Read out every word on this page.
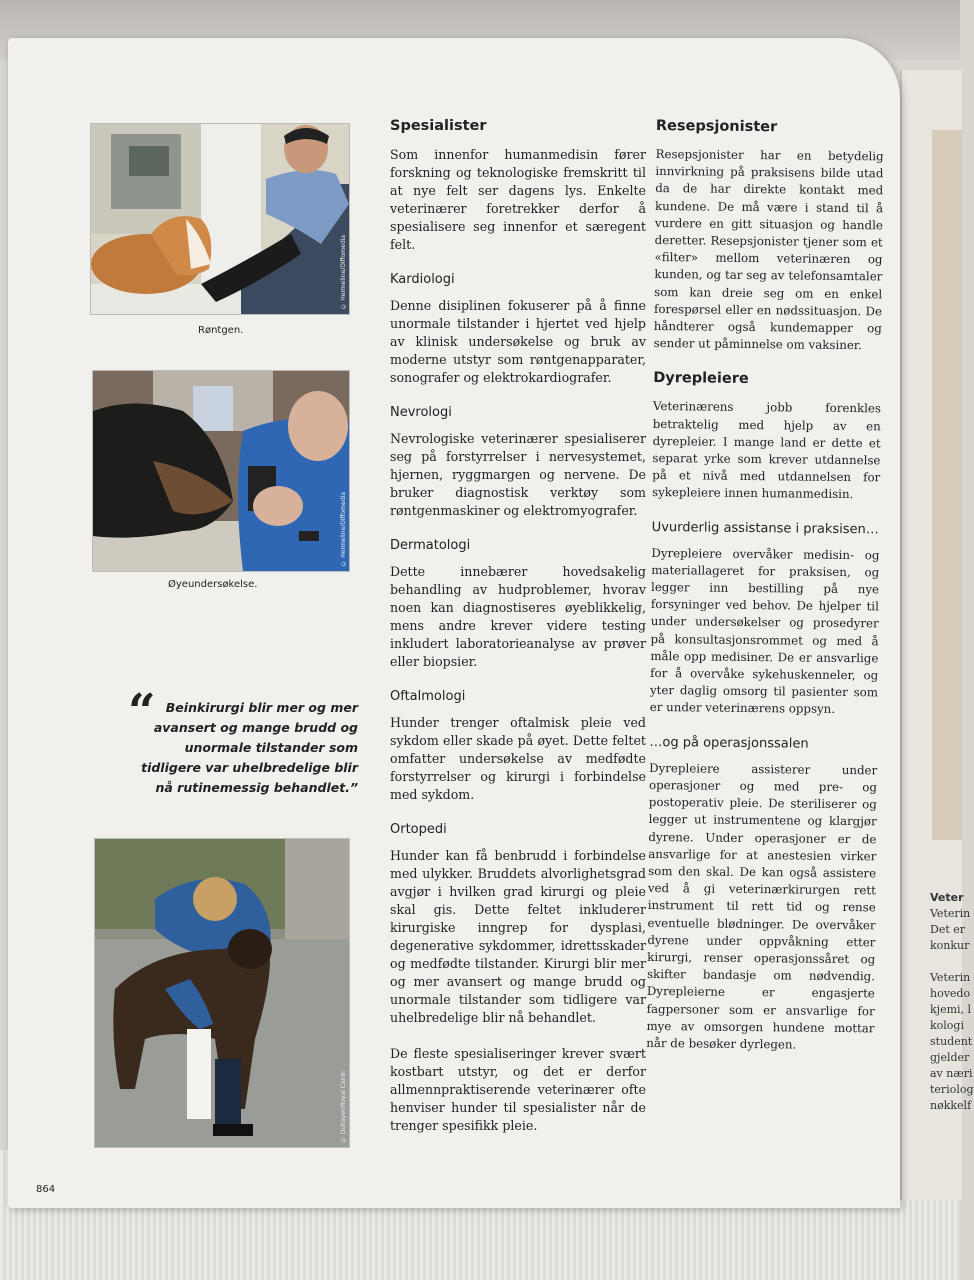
Veter
Veterin
Det er
konkur

Veterin
hovedo
kjemi, l
kologi
student
gjelder
av næri
teriolog
nøkkelf
© Hermeline/Diffomedia
Røntgen.
© Hermeline/Diffomedia
Øyeundersøkelse.
“ Beinkirurgi blir mer og mer avansert og mange brudd og unormale tilstander som tidligere var uhelbredelige blir nå rutinemessig behandlet.”
© Duhayer/Royal Canin
Spesialister

Som innenfor humanmedisin fører forskning og teknologiske fremskritt til at nye felt ser dagens lys. Enkelte veterinærer foretrekker derfor å spesialisere seg innenfor et særegent felt.

Kardiologi

Denne disiplinen fokuserer på å finne unormale tilstander i hjertet ved hjelp av klinisk undersøkelse og bruk av moderne utstyr som røntgenapparater, sonografer og elektrokardiografer.

Nevrologi

Nevrologiske veterinærer spesialiserer seg på forstyrrelser i nervesystemet, hjernen, ryggmargen og nervene. De bruker diagnostisk verktøy som røntgenmaskiner og elektromyografer.

Dermatologi

Dette innebærer hovedsakelig behandling av hudproblemer, hvorav noen kan diagnostiseres øyeblikkelig, mens andre krever videre testing inkludert laboratorieanalyse av prøver eller biopsier.

Oftalmologi

Hunder trenger oftalmisk pleie ved sykdom eller skade på øyet. Dette feltet omfatter undersøkelse av medfødte forstyrrelser og kirurgi i forbindelse med sykdom.

Ortopedi

Hunder kan få benbrudd i forbindelse med ulykker. Bruddets alvorlighetsgrad avgjør i hvilken grad kirurgi og pleie skal gis. Dette feltet inkluderer kirurgiske inngrep for dysplasi, degenerative sykdommer, idrettsskader og medfødte tilstander. Kirurgi blir mer og mer avansert og mange brudd og unormale tilstander som tidligere var uhelbredelige blir nå behandlet.

De fleste spesialiseringer krever svært kostbart utstyr, og det er derfor allmennpraktiserende veterinærer ofte henviser hunder til spesialister når de trenger spesifikk pleie.

Resepsjonister

Resepsjonister har en betydelig innvirkning på praksisens bilde utad da de har direkte kontakt med kundene. De må være i stand til å vurdere en gitt situasjon og handle deretter. Resepsjonister tjener som et «filter» mellom veterinæren og kunden, og tar seg av telefonsamtaler som kan dreie seg om en enkel forespørsel eller en nødssituasjon. De håndterer også kundemapper og sender ut påminnelse om vaksiner.

Dyrepleiere

Veterinærens jobb forenkles betraktelig med hjelp av en dyrepleier. I mange land er dette et separat yrke som krever utdannelse på et nivå med utdannelsen for sykepleiere innen humanmedisin.

Uvurderlig assistanse i praksisen…

Dyrepleiere overvåker medisin- og materiallageret for praksisen, og legger inn bestilling på nye forsyninger ved behov. De hjelper til under undersøkelser og prosedyrer på konsultasjonsrommet og med å måle opp medisiner. De er ansvarlige for å overvåke sykehuskenneler, og yter daglig omsorg til pasienter som er under veterinærens oppsyn.

…og på operasjonssalen

Dyrepleiere assisterer under operasjoner og med pre- og postoperativ pleie. De steriliserer og legger ut instrumentene og klargjør dyrene. Under operasjoner er de ansvarlige for at anestesien virker som den skal. De kan også assistere ved å gi veterinærkirurgen rett instrument til rett tid og rense eventuelle blødninger. De overvåker dyrene under oppvåkning etter kirurgi, renser operasjonssåret og skifter bandasje om nødvendig. Dyrepleierne er engasjerte fagpersoner som er ansvarlige for mye av omsorgen hundene mottar når de besøker dyrlegen.

864
